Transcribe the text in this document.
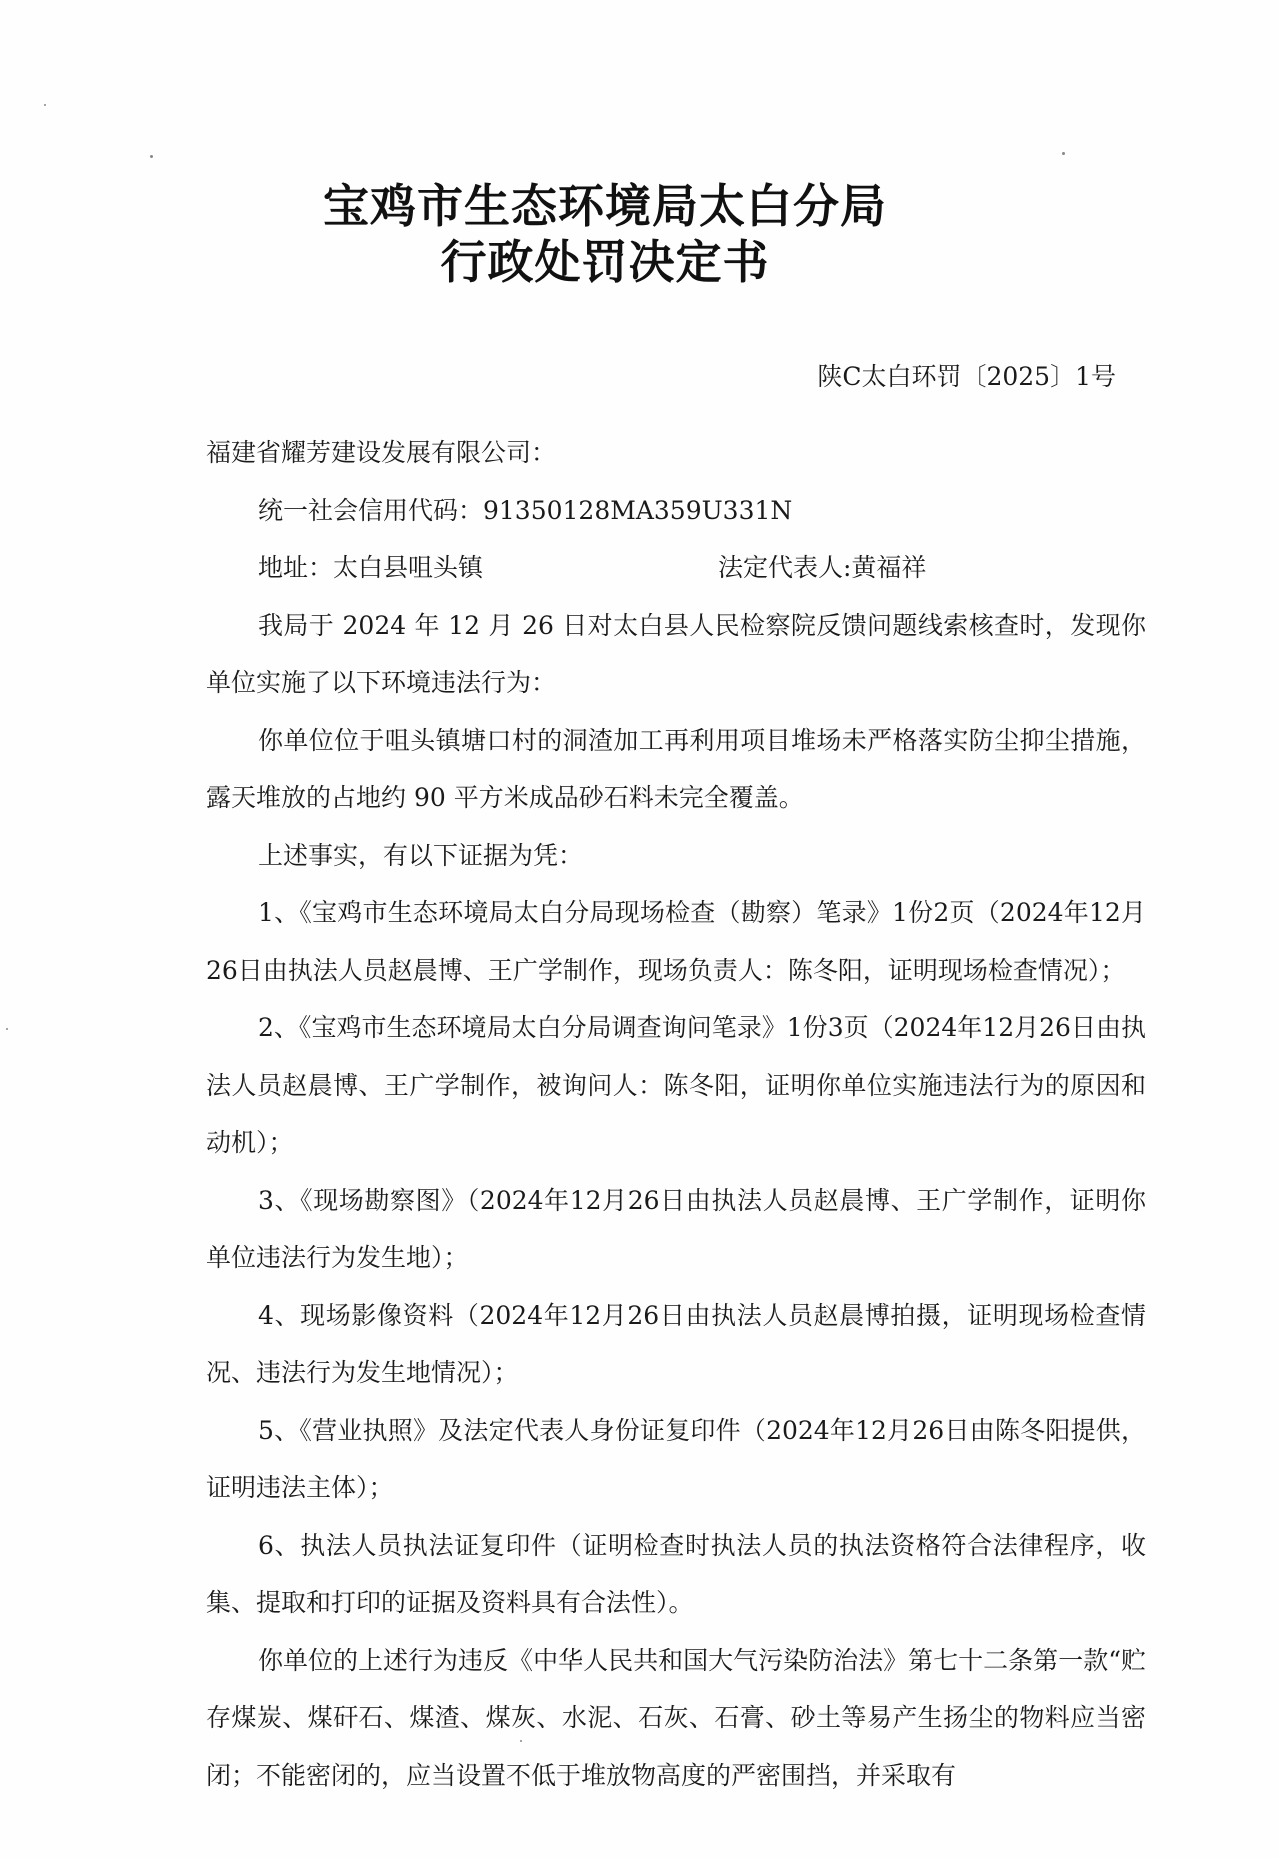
宝鸡市生态环境局太白分局
行政处罚决定书
陕C太白环罚〔2025〕1号

福建省耀芳建设发展有限公司：

统一社会信用代码：91350128MA359U331N

地址：太白县咀头镇	法定代表人:黄福祥

我局于 2024 年 12 月 26 日对太白县人民检察院反馈问题线索核查时，发现你单位实施了以下环境违法行为：

你单位位于咀头镇塘口村的洞渣加工再利用项目堆场未严格落实防尘抑尘措施，露天堆放的占地约 90 平方米成品砂石料未完全覆盖。

上述事实，有以下证据为凭：

1、《宝鸡市生态环境局太白分局现场检查（勘察）笔录》1份2页（2024年12月26日由执法人员赵晨博、王广学制作，现场负责人：陈冬阳，证明现场检查情况）；

2、《宝鸡市生态环境局太白分局调查询问笔录》1份3页（2024年12月26日由执法人员赵晨博、王广学制作，被询问人：陈冬阳，证明你单位实施违法行为的原因和动机）；

3、《现场勘察图》（2024年12月26日由执法人员赵晨博、王广学制作，证明你单位违法行为发生地）；

4、现场影像资料（2024年12月26日由执法人员赵晨博拍摄，证明现场检查情况、违法行为发生地情况）；

5、《营业执照》及法定代表人身份证复印件（2024年12月26日由陈冬阳提供，证明违法主体）；

6、执法人员执法证复印件（证明检查时执法人员的执法资格符合法律程序，收集、提取和打印的证据及资料具有合法性）。

你单位的上述行为违反《中华人民共和国大气污染防治法》第七十二条第一款“贮存煤炭、煤矸石、煤渣、煤灰、水泥、石灰、石膏、砂土等易产生扬尘的物料应当密闭；不能密闭的，应当设置不低于堆放物高度的严密围挡，并采取有
